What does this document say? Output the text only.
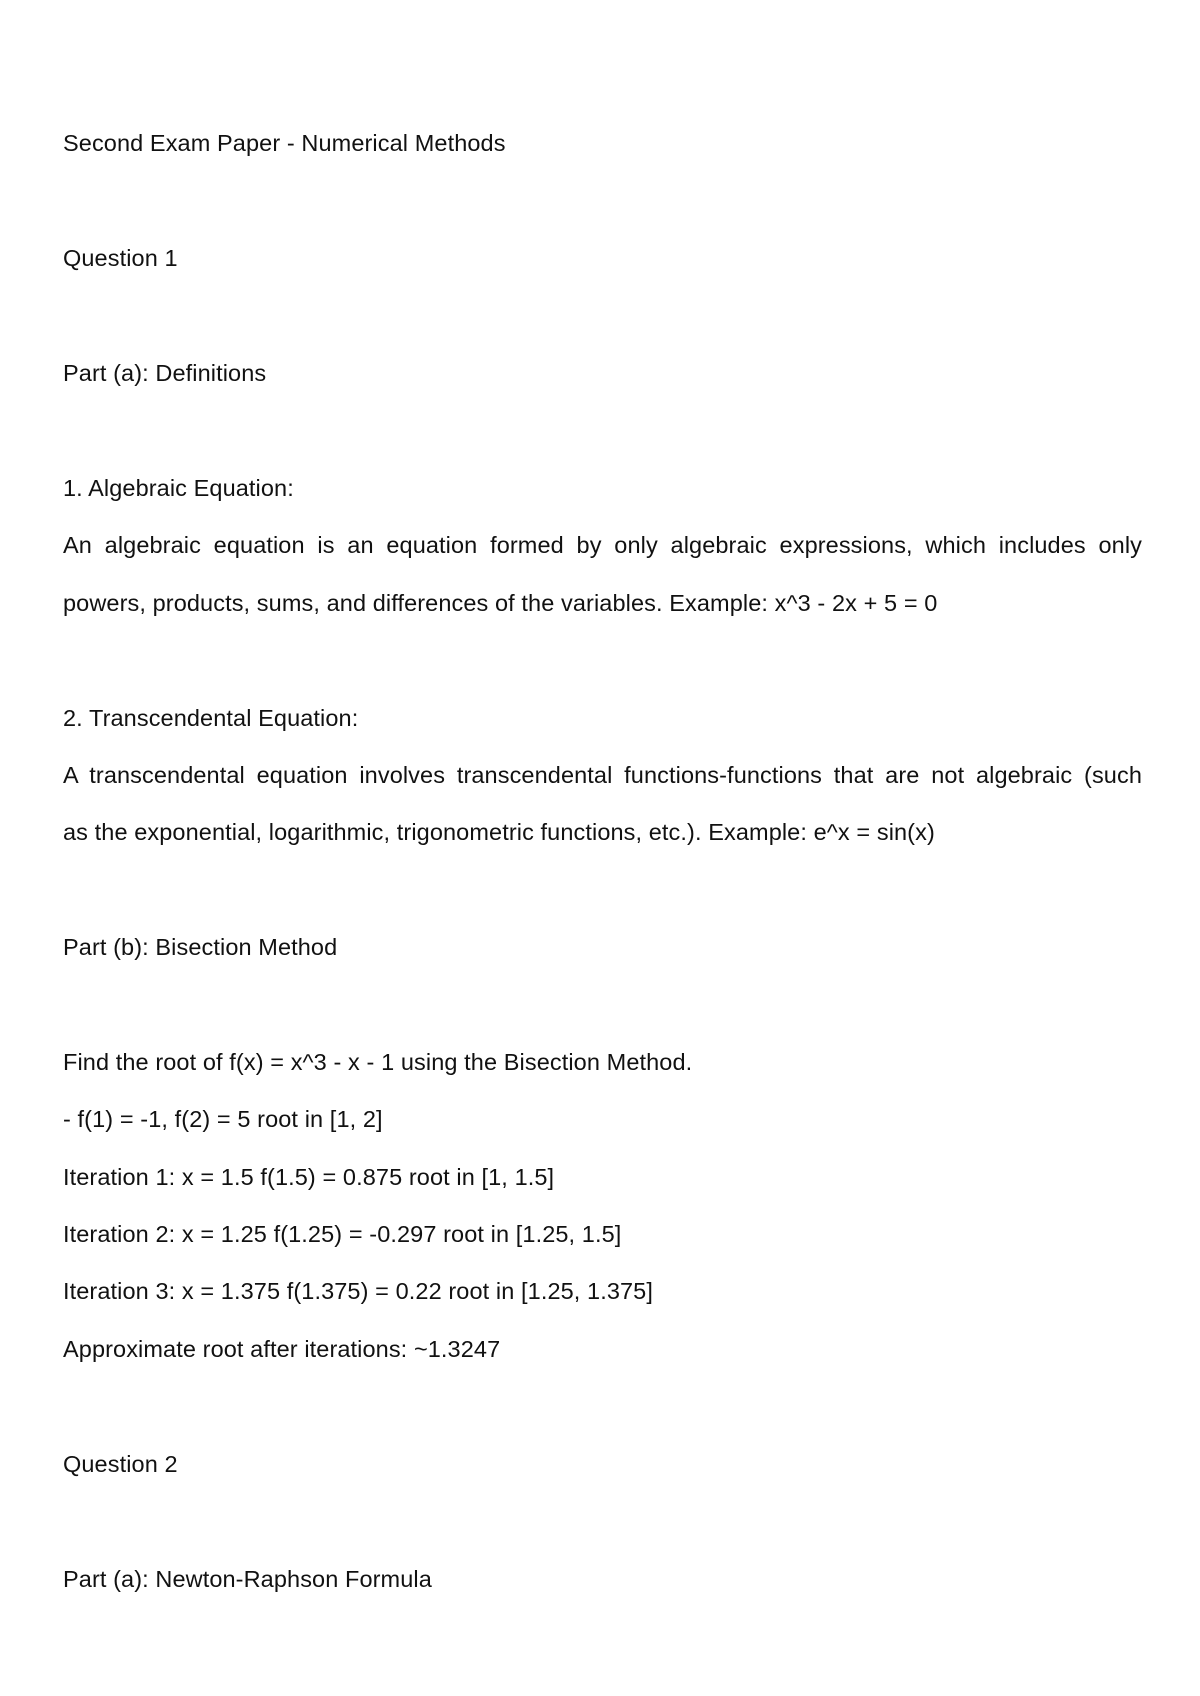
Second Exam Paper - Numerical Methods
Question 1
Part (a): Definitions
1. Algebraic Equation:
An algebraic equation is an equation formed by only algebraic expressions, which includes only
powers, products, sums, and differences of the variables. Example: x^3 - 2x + 5 = 0
2. Transcendental Equation:
A transcendental equation involves transcendental functions-functions that are not algebraic (such
as the exponential, logarithmic, trigonometric functions, etc.). Example: e^x = sin(x)
Part (b): Bisection Method
Find the root of f(x) = x^3 - x - 1 using the Bisection Method.
- f(1) = -1, f(2) = 5 root in [1, 2]
Iteration 1: x = 1.5 f(1.5) = 0.875 root in [1, 1.5]
Iteration 2: x = 1.25 f(1.25) = -0.297 root in [1.25, 1.5]
Iteration 3: x = 1.375 f(1.375) = 0.22 root in [1.25, 1.375]
Approximate root after iterations: ~1.3247
Question 2
Part (a): Newton-Raphson Formula
